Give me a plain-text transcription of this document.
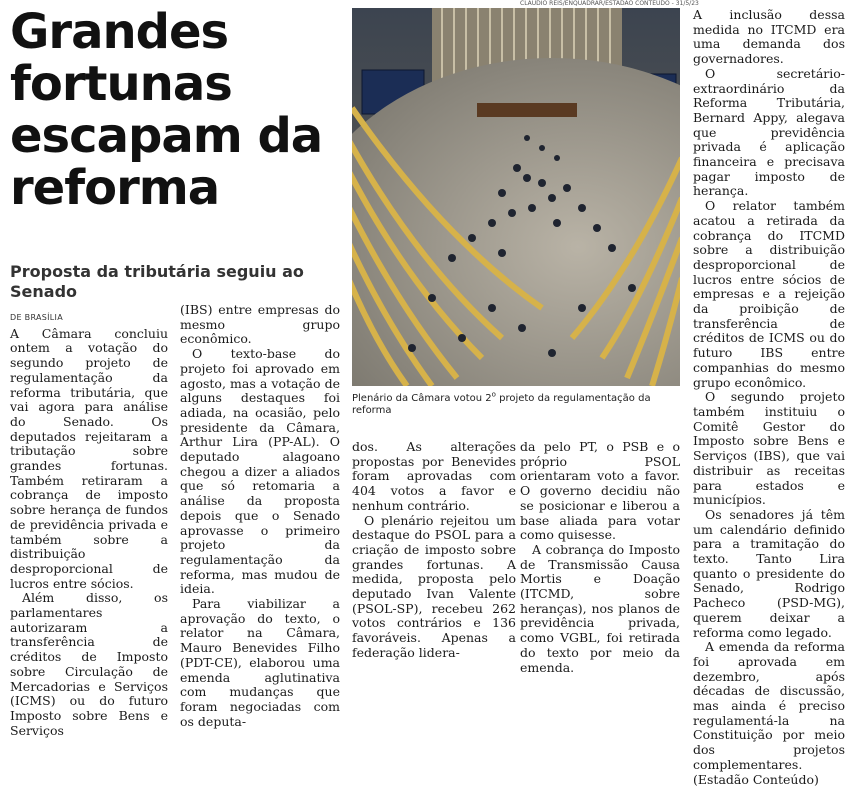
Grandes fortunas escapam da reforma
Proposta da tributária seguiu ao Senado
DE BRASÍLIA

A Câmara concluiu ontem a votação do segundo projeto de regulamentação da reforma tributária, que vai agora para análise do Senado. Os deputados rejeitaram a tributação sobre grandes fortunas. Também retiraram a cobrança de imposto sobre herança de fundos de previdência privada e também sobre a distribuição desproporcional de lucros entre sócios.

Além disso, os parlamentares autorizaram a transferência de créditos de Imposto sobre Circulação de Mercadorias e Serviços (ICMS) ou do futuro Imposto sobre Bens e Serviços

(IBS) entre empresas do mesmo grupo econômico.

O texto-base do projeto foi aprovado em agosto, mas a votação de alguns destaques foi adiada, na ocasião, pelo presidente da Câmara, Arthur Lira (PP-AL). O deputado alagoano chegou a dizer a aliados que só retomaria a análise da proposta depois que o Senado aprovasse o primeiro projeto da regulamentação da reforma, mas mudou de ideia.

Para viabilizar a aprovação do texto, o relator na Câmara, Mauro Benevides Filho (PDT-CE), elaborou uma emenda aglutinativa com mudanças que foram negociadas com os deputa-

CLÁUDIO REIS/ENQUADRAR/ESTADÃO CONTEÚDO - 31/5/23
Plenário da Câmara votou 2$^o$ projeto da regulamentação da reforma

dos. As alterações propostas por Benevides foram aprovadas com 404 votos a favor e nenhum contrário.

O plenário rejeitou um destaque do PSOL para a criação de imposto sobre grandes fortunas. A medida, proposta pelo deputado Ivan Valente (PSOL-SP), recebeu 262 votos contrários e 136 favoráveis. Apenas a federação lidera-

da pelo PT, o PSB e o próprio PSOL orientaram voto a favor. O governo decidiu não se posicionar e liberou a base aliada para votar como quisesse.

A cobrança do Imposto de Transmissão Causa Mortis e Doação (ITCMD, sobre heranças), nos planos de previdência privada, como VGBL, foi retirada do texto por meio da emenda.

A inclusão dessa medida no ITCMD era uma demanda dos governadores.

O secretário-extraordinário da Reforma Tributária, Bernard Appy, alegava que previdência privada é aplicação financeira e precisava pagar imposto de herança.

O relator também acatou a retirada da cobrança do ITCMD sobre a distribuição desproporcional de lucros entre sócios de empresas e a rejeição da proibição de transferência de créditos de ICMS ou do futuro IBS entre companhias do mesmo grupo econômico.

O segundo projeto também instituiu o Comitê Gestor do Imposto sobre Bens e Serviços (IBS), que vai distribuir as receitas para estados e municípios.

Os senadores já têm um calendário definido para a tramitação do texto. Tanto Lira quanto o presidente do Senado, Rodrigo Pacheco (PSD-MG), querem deixar a reforma como legado.

A emenda da reforma foi aprovada em dezembro, após décadas de discussão, mas ainda é preciso regulamentá-la na Constituição por meio dos projetos complementares. (Estadão Conteúdo)
